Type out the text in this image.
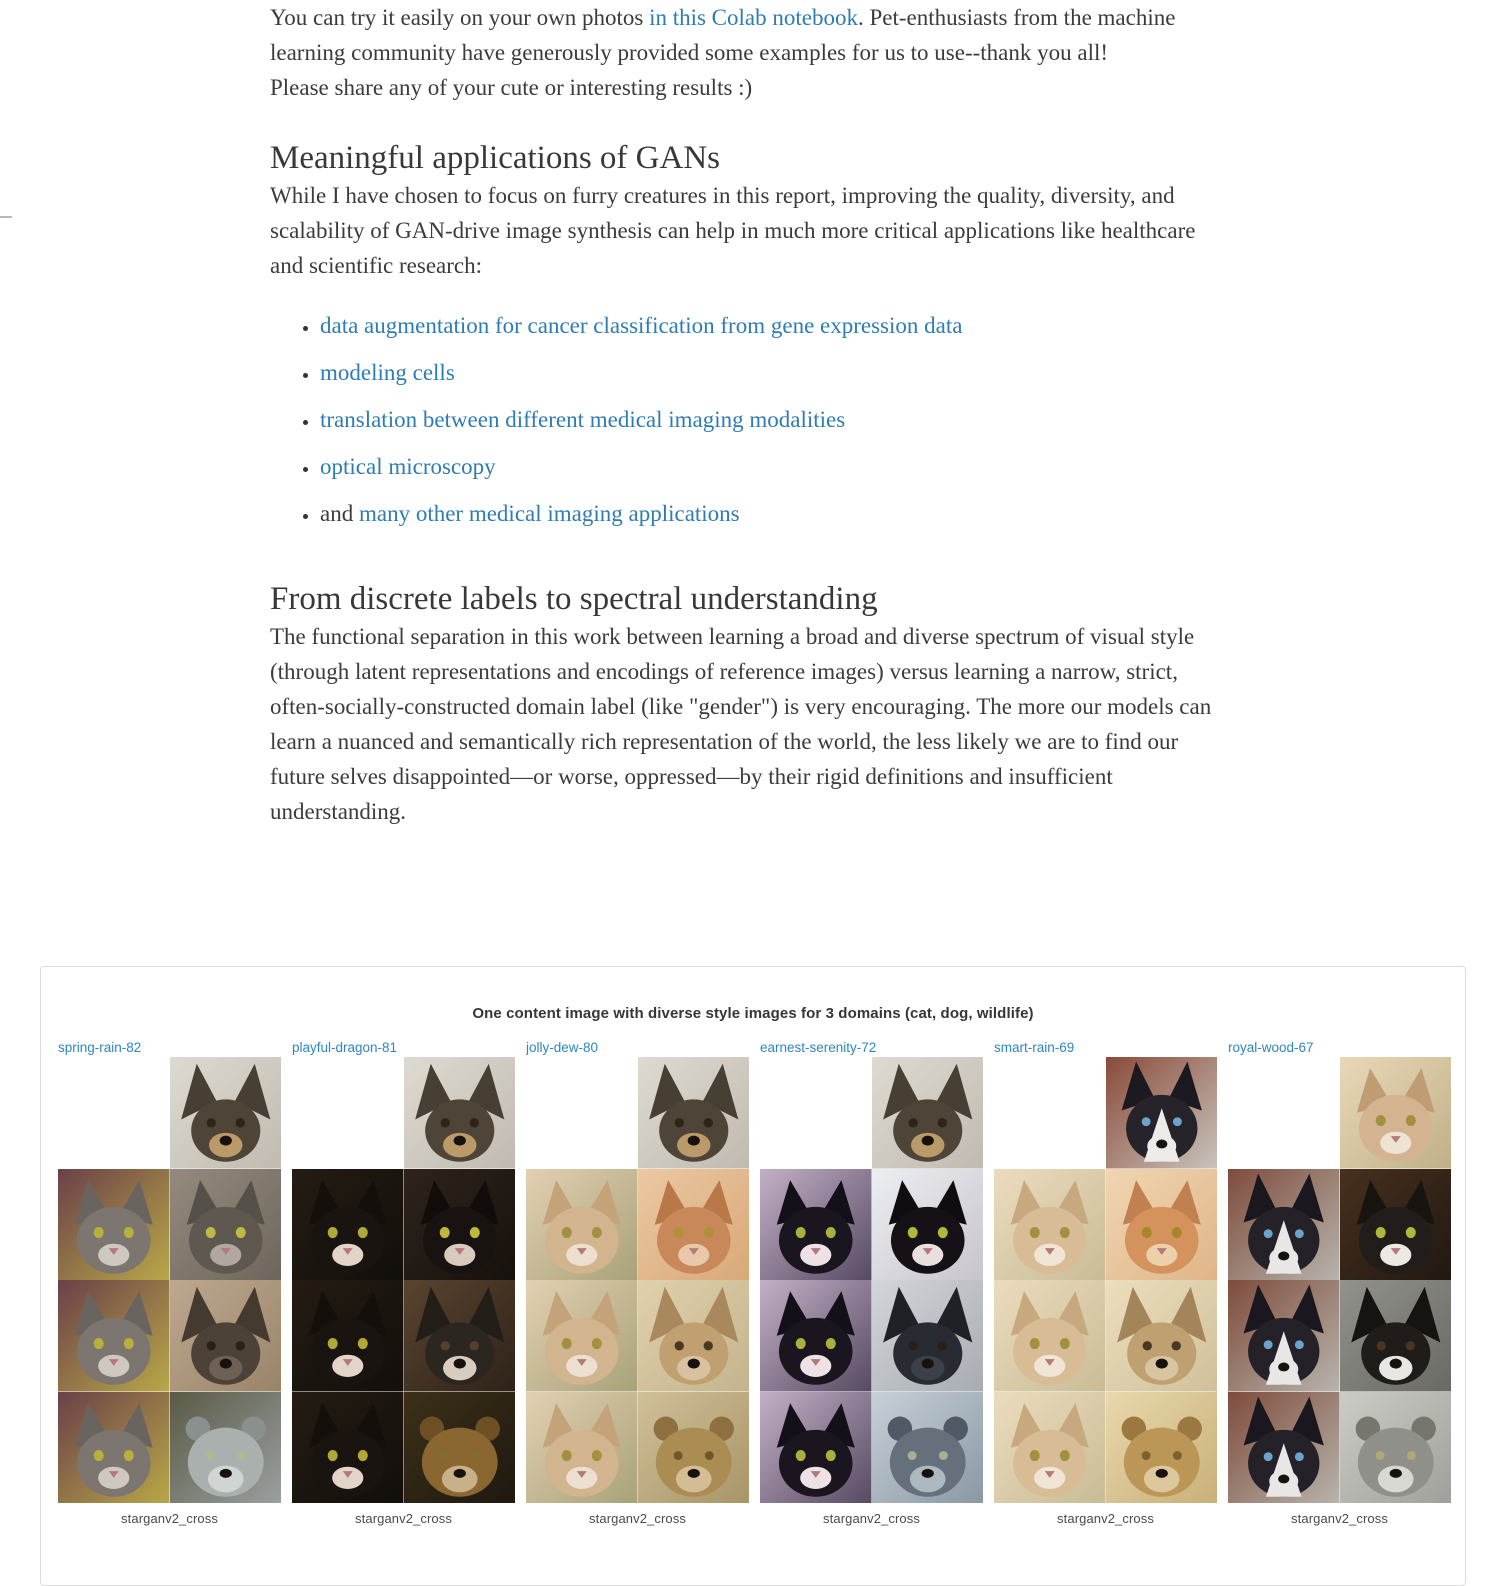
You can try it easily on your own photos in this Colab notebook. Pet-enthusiasts from the machine learning community have generously provided some examples for us to use--thank you all!

Please share any of your cute or interesting results :)

Meaningful applications of GANs

While I have chosen to focus on furry creatures in this report, improving the quality, diversity, and scalability of GAN-drive image synthesis can help in much more critical applications like healthcare and scientific research:

• data augmentation for cancer classification from gene expression data
• modeling cells
• translation between different medical imaging modalities
• optical microscopy
• and many other medical imaging applications
From discrete labels to spectral understanding

The functional separation in this work between learning a broad and diverse spectrum of visual style (through latent representations and encodings of reference images) versus learning a narrow, strict, often-socially-constructed domain label (like "gender") is very encouraging. The more our models can learn a nuanced and semantically rich representation of the world, the less likely we are to find our future selves disappointed—or worse, oppressed—by their rigid definitions and insufficient understanding.

One content image with diverse style images for 3 domains (cat, dog, wildlife)
spring-rain-82
starganv2_cross
playful-dragon-81
starganv2_cross
jolly-dew-80
starganv2_cross
earnest-serenity-72
starganv2_cross
smart-rain-69
starganv2_cross
royal-wood-67
starganv2_cross
